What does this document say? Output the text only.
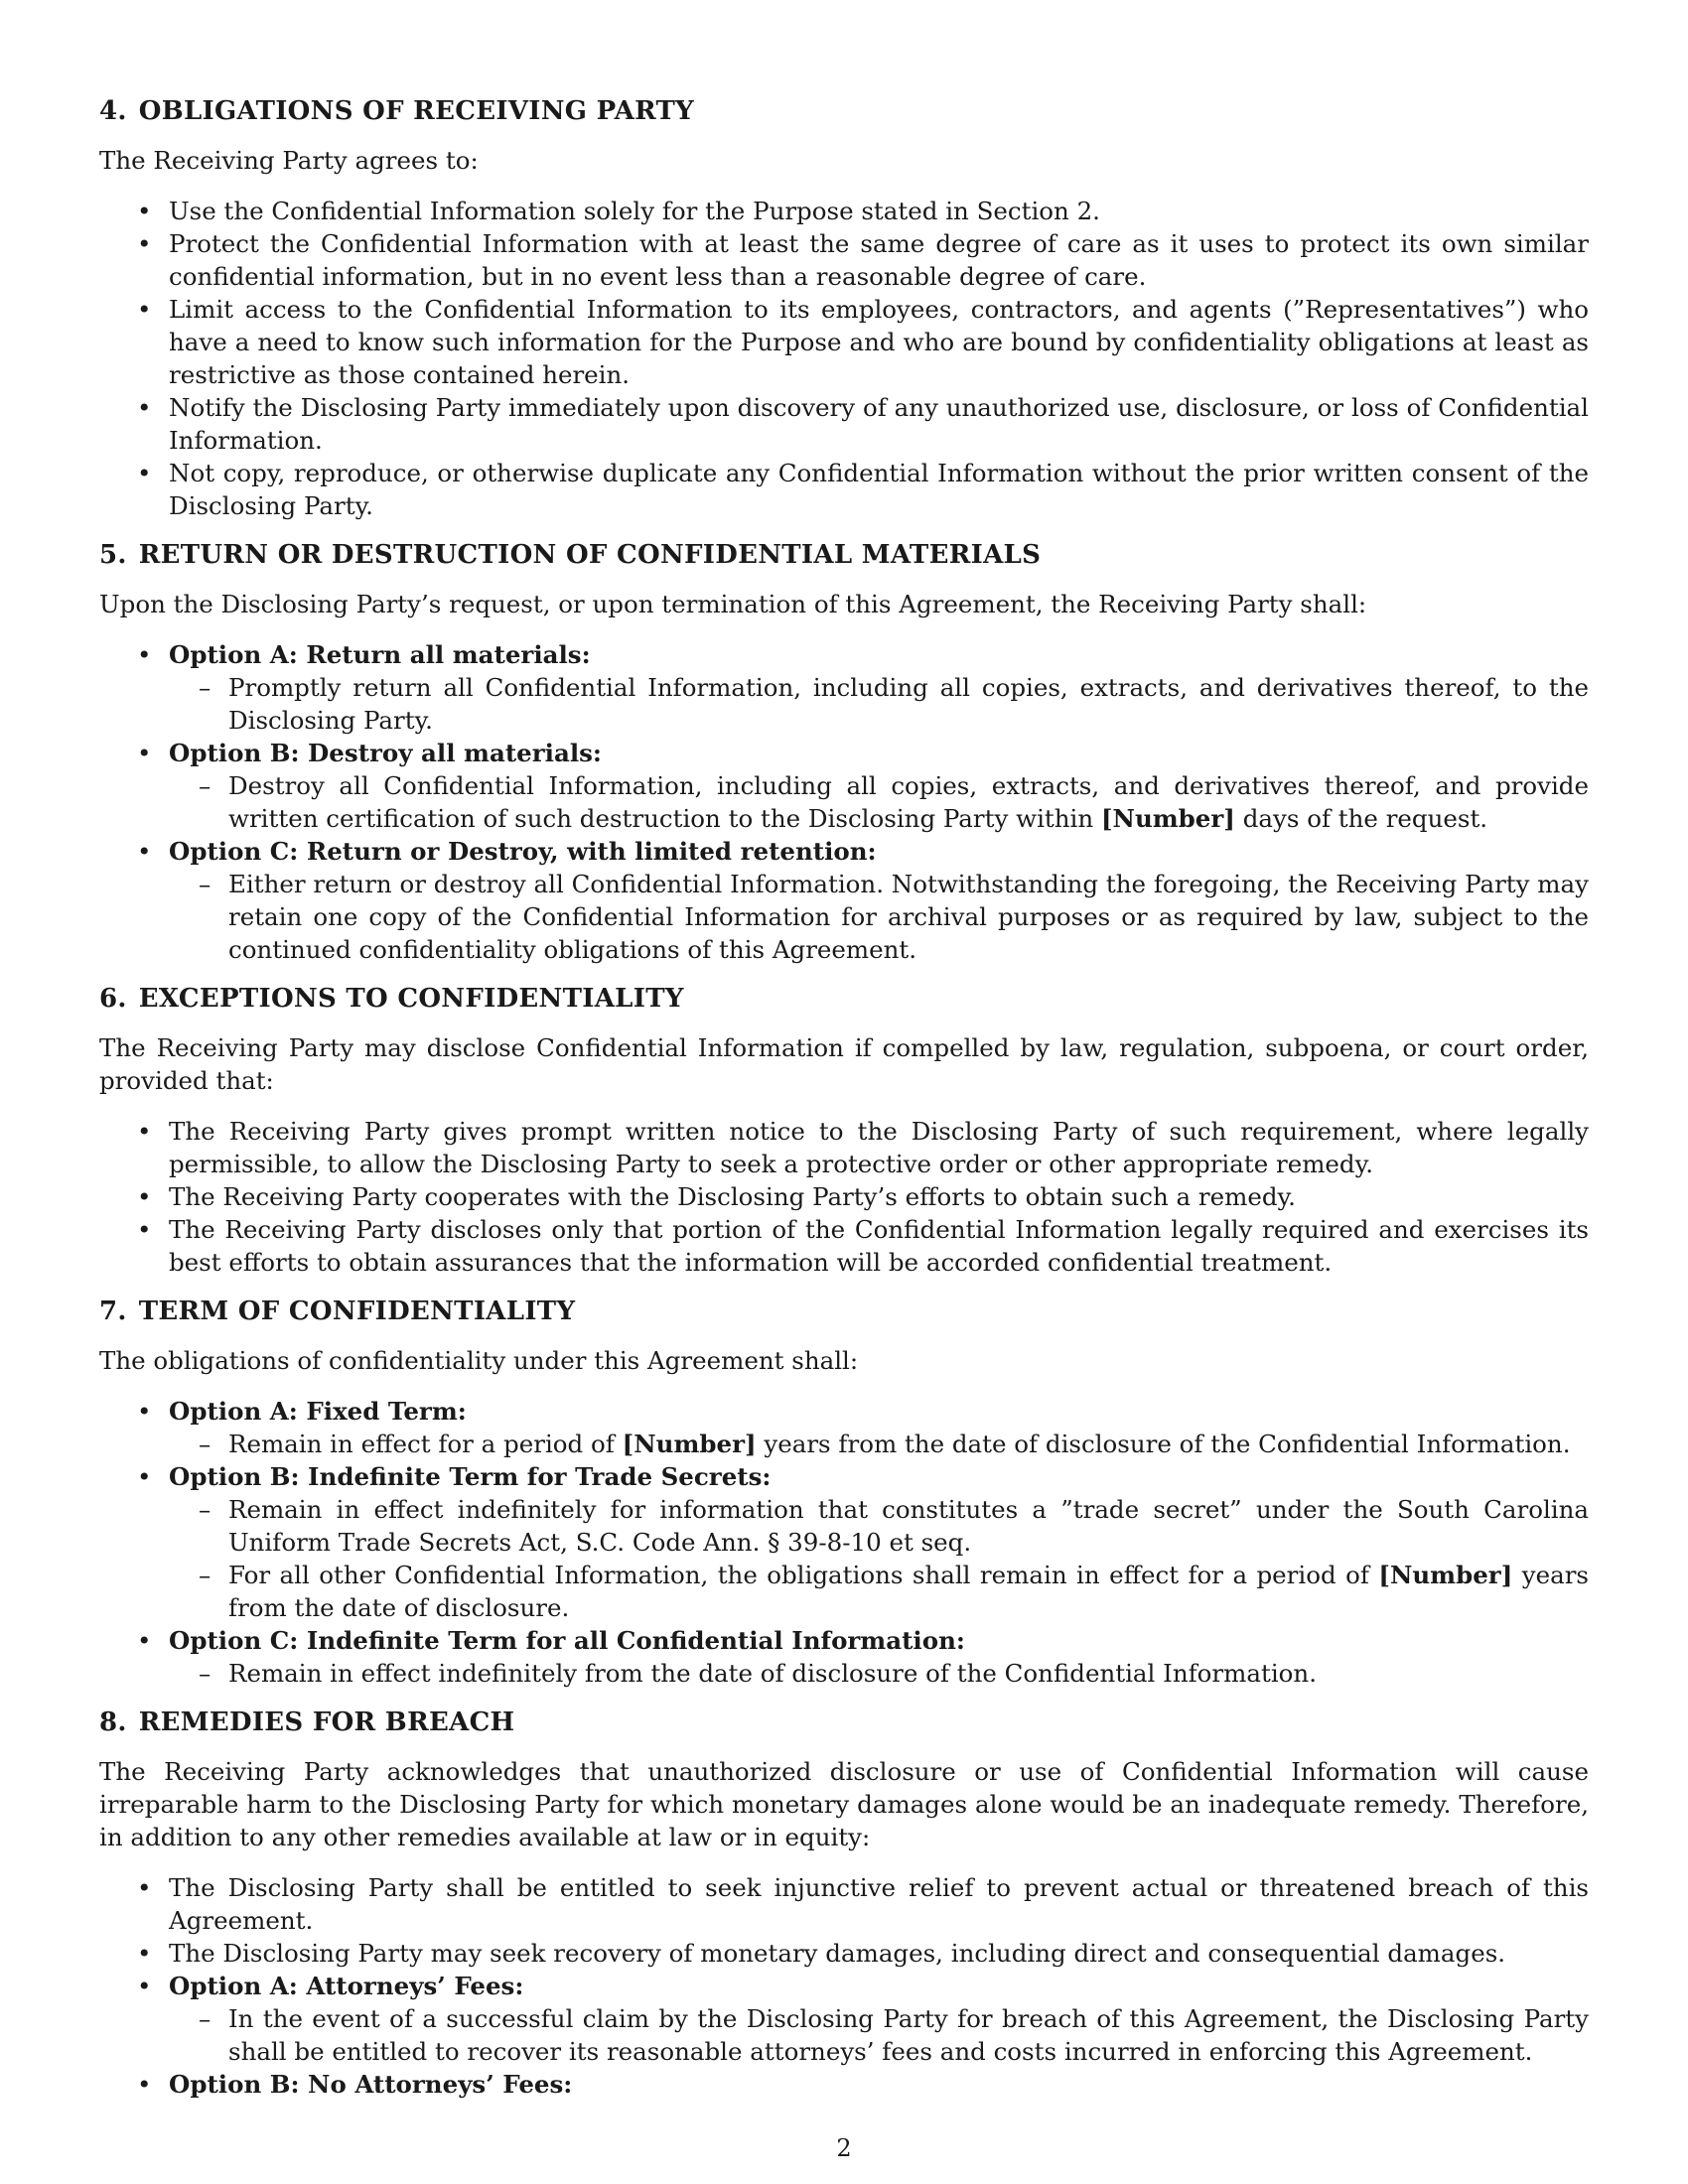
4. OBLIGATIONS OF RECEIVING PARTY

The Receiving Party agrees to:

• Use the Confidential Information solely for the Purpose stated in Section 2.
• Protect the Confidential Information with at least the same degree of care as it uses to protect its own similar confidential information, but in no event less than a reasonable degree of care.
• Limit access to the Confidential Information to its employees, contractors, and agents (”Representatives”) who have a need to know such information for the Purpose and who are bound by confidentiality obligations at least as restrictive as those contained herein.
• Notify the Disclosing Party immediately upon discovery of any unauthorized use, disclosure, or loss of Confidential Information.
• Not copy, reproduce, or otherwise duplicate any Confidential Information without the prior written consent of the Disclosing Party.
5. RETURN OR DESTRUCTION OF CONFIDENTIAL MATERIALS

Upon the Disclosing Party’s request, or upon termination of this Agreement, the Receiving Party shall:

• Option A: Return all materials:
– Promptly return all Confidential Information, including all copies, extracts, and derivatives thereof, to the Disclosing Party.
• Option B: Destroy all materials:
– Destroy all Confidential Information, including all copies, extracts, and derivatives thereof, and provide written certification of such destruction to the Disclosing Party within [Number] days of the request.
• Option C: Return or Destroy, with limited retention:
– Either return or destroy all Confidential Information. Notwithstanding the foregoing, the Receiving Party may retain one copy of the Confidential Information for archival purposes or as required by law, subject to the continued confidentiality obligations of this Agreement.
6. EXCEPTIONS TO CONFIDENTIALITY

The Receiving Party may disclose Confidential Information if compelled by law, regulation, subpoena, or court order, provided that:

• The Receiving Party gives prompt written notice to the Disclosing Party of such requirement, where legally permissible, to allow the Disclosing Party to seek a protective order or other appropriate remedy.
• The Receiving Party cooperates with the Disclosing Party’s efforts to obtain such a remedy.
• The Receiving Party discloses only that portion of the Confidential Information legally required and exercises its best efforts to obtain assurances that the information will be accorded confidential treatment.
7. TERM OF CONFIDENTIALITY

The obligations of confidentiality under this Agreement shall:

• Option A: Fixed Term:
– Remain in effect for a period of [Number] years from the date of disclosure of the Confidential Information.
• Option B: Indefinite Term for Trade Secrets:
– Remain in effect indefinitely for information that constitutes a ”trade secret” under the South Carolina Uniform Trade Secrets Act, S.C. Code Ann. § 39-8-10 et seq.
– For all other Confidential Information, the obligations shall remain in effect for a period of [Number] years from the date of disclosure.
• Option C: Indefinite Term for all Confidential Information:
– Remain in effect indefinitely from the date of disclosure of the Confidential Information.
8. REMEDIES FOR BREACH

The Receiving Party acknowledges that unauthorized disclosure or use of Confidential Information will cause irreparable harm to the Disclosing Party for which monetary damages alone would be an inadequate remedy. Therefore, in addition to any other remedies available at law or in equity:

• The Disclosing Party shall be entitled to seek injunctive relief to prevent actual or threatened breach of this Agreement.
• The Disclosing Party may seek recovery of monetary damages, including direct and consequential damages.
• Option A: Attorneys’ Fees:
– In the event of a successful claim by the Disclosing Party for breach of this Agreement, the Disclosing Party shall be entitled to recover its reasonable attorneys’ fees and costs incurred in enforcing this Agreement.
• Option B: No Attorneys’ Fees:
2
